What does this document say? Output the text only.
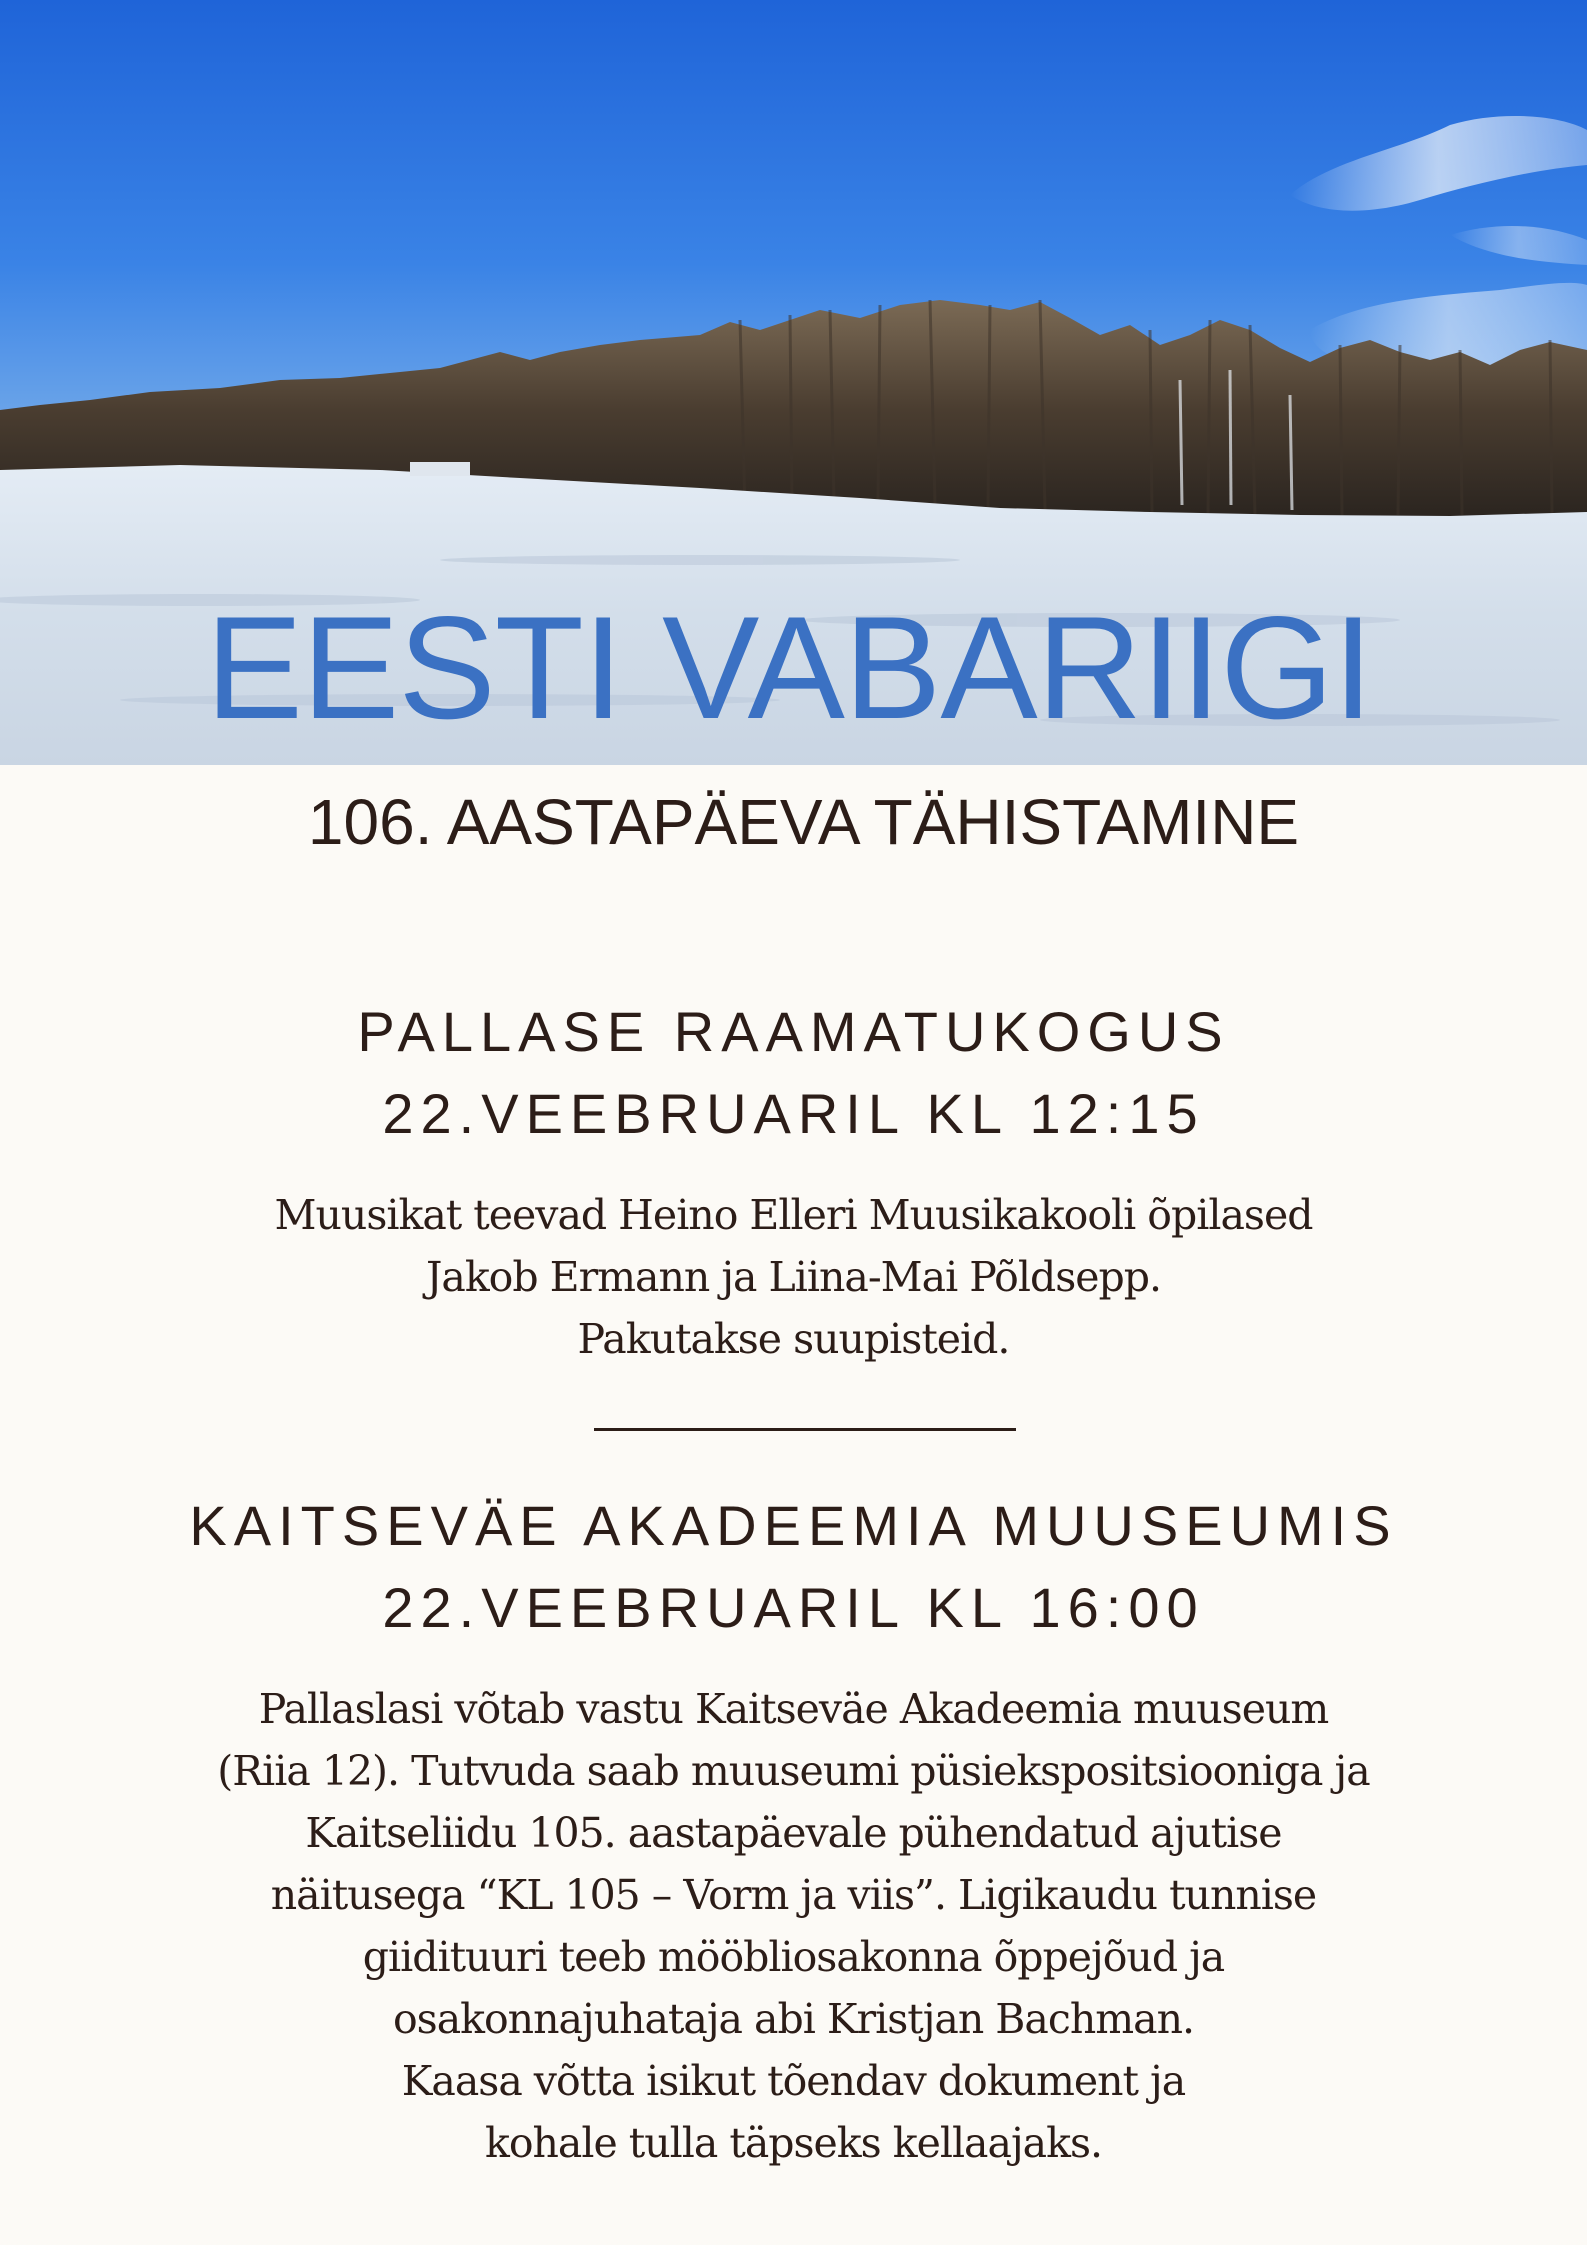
EESTI VABARIIGI
106. AASTAPÄEVA TÄHISTAMINE
PALLASE RAAMATUKOGUS
22.VEEBRUARIL KL 12:15
Muusikat teevad Heino Elleri Muusikakooli õpilased
Jakob Ermann ja Liina-Mai Põldsepp.
Pakutakse suupisteid.
KAITSEVÄE AKADEEMIA MUUSEUMIS
22.VEEBRUARIL KL 16:00
Pallaslasi võtab vastu Kaitseväe Akadeemia muuseum
(Riia 12). Tutvuda saab muuseumi püsiekspositsiooniga ja
Kaitseliidu 105. aastapäevale pühendatud ajutise
näitusega “KL 105 – Vorm ja viis”. Ligikaudu tunnise
giidituuri teeb mööbliosakonna õppejõud ja
osakonnajuhataja abi Kristjan Bachman.
Kaasa võtta isikut tõendav dokument ja
kohale tulla täpseks kellaajaks.
